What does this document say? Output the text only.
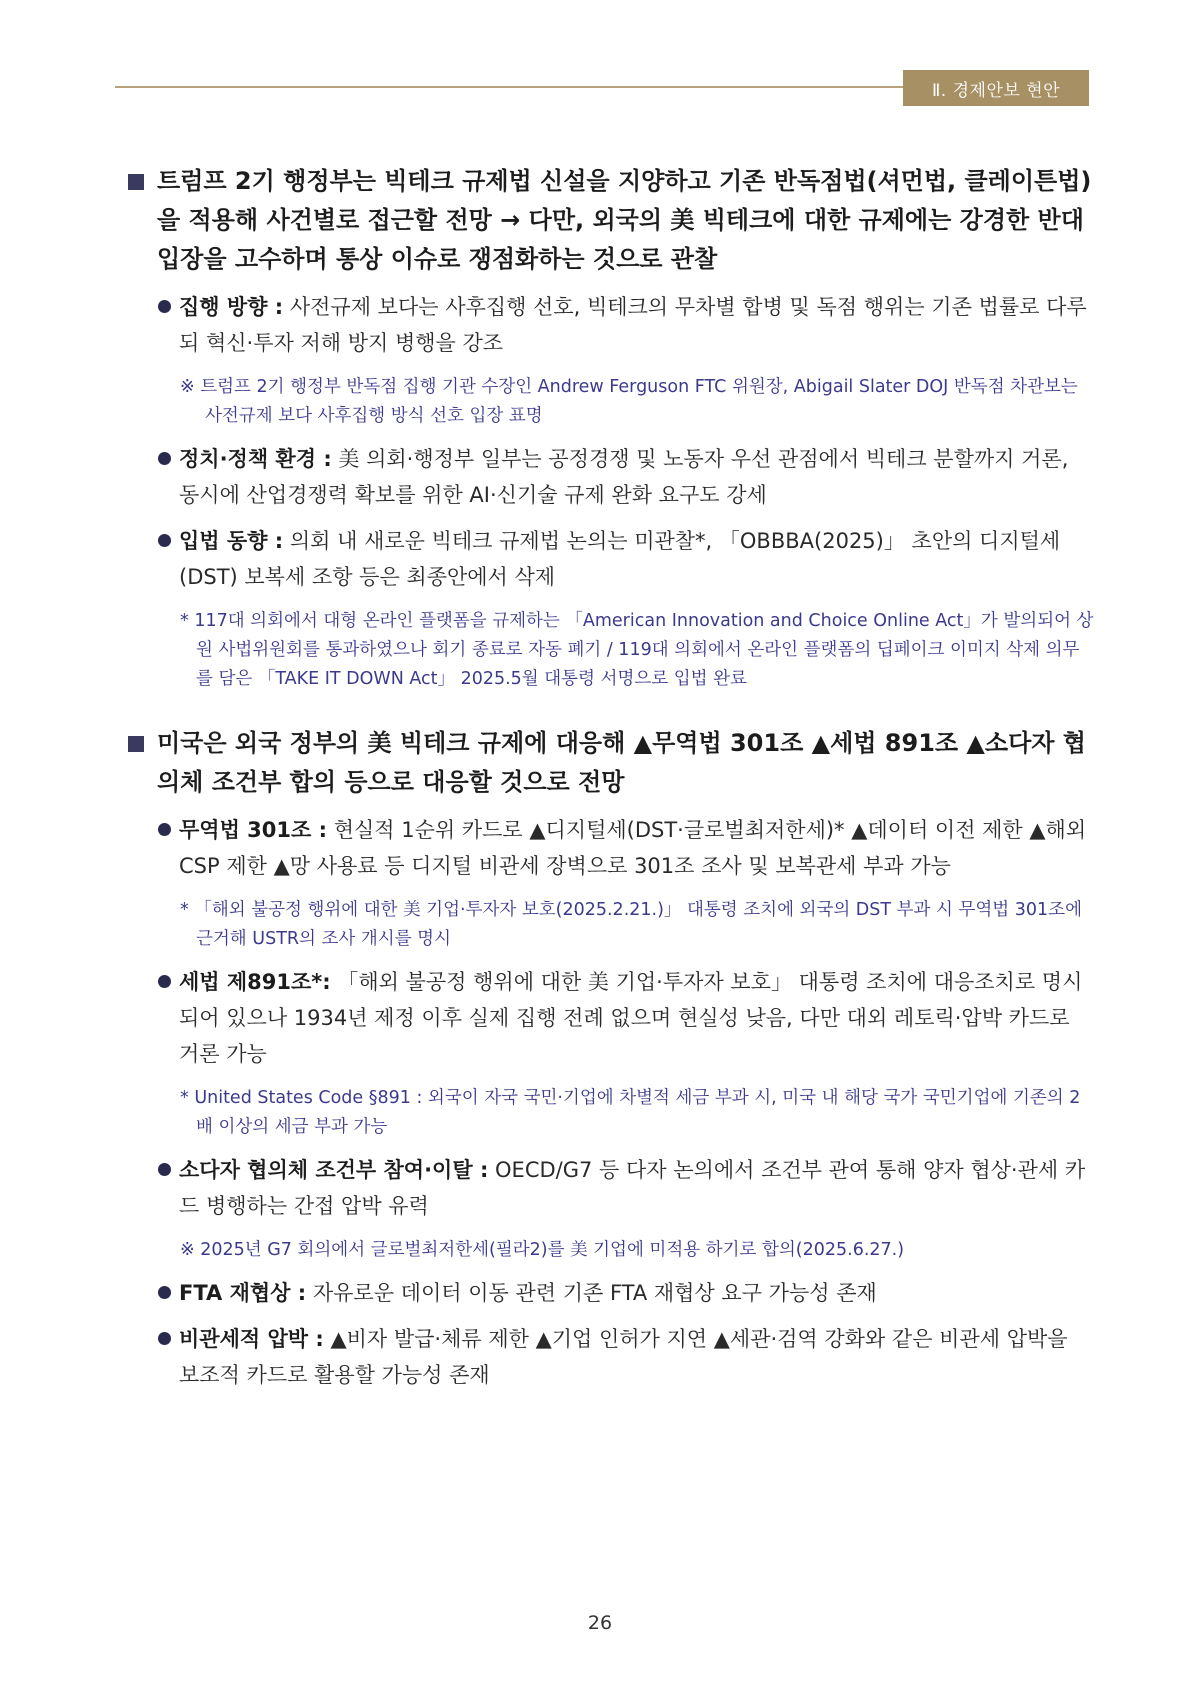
Ⅱ. 경제안보 현안
트럼프 2기 행정부는 빅테크 규제법 신설을 지양하고 기존 반독점법(셔먼법, 클레이튼법)을 적용해 사건별로 접근할 전망 → 다만, 외국의 美 빅테크에 대한 규제에는 강경한 반대 입장을 고수하며 통상 이슈로 쟁점화하는 것으로 관찰
집행 방향 : 사전규제 보다는 사후집행 선호, 빅테크의 무차별 합병 및 독점 행위는 기존 법률로 다루되 혁신·투자 저해 방지 병행을 강조
※ 트럼프 2기 행정부 반독점 집행 기관 수장인 Andrew Ferguson FTC 위원장, Abigail Slater DOJ 반독점 차관보는 사전규제 보다 사후집행 방식 선호 입장 표명
정치·정책 환경 : 美 의회·행정부 일부는 공정경쟁 및 노동자 우선 관점에서 빅테크 분할까지 거론, 동시에 산업경쟁력 확보를 위한 AI·신기술 규제 완화 요구도 강세
입법 동향 : 의회 내 새로운 빅테크 규제법 논의는 미관찰*, 「OBBBA(2025)」 초안의 디지털세 (DST) 보복세 조항 등은 최종안에서 삭제
* 117대 의회에서 대형 온라인 플랫폼을 규제하는 「American Innovation and Choice Online Act」가 발의되어 상원 사법위원회를 통과하였으나 회기 종료로 자동 폐기 / 119대 의회에서 온라인 플랫폼의 딥페이크 이미지 삭제 의무를 담은 「TAKE IT DOWN Act」 2025.5월 대통령 서명으로 입법 완료
미국은 외국 정부의 美 빅테크 규제에 대응해 ▲무역법 301조 ▲세법 891조 ▲소다자 협의체 조건부 합의 등으로 대응할 것으로 전망
무역법 301조 : 현실적 1순위 카드로 ▲디지털세(DST·글로벌최저한세)* ▲데이터 이전 제한 ▲해외 CSP 제한 ▲망 사용료 등 디지털 비관세 장벽으로 301조 조사 및 보복관세 부과 가능
* 「해외 불공정 행위에 대한 美 기업·투자자 보호(2025.2.21.)」 대통령 조치에 외국의 DST 부과 시 무역법 301조에 근거해 USTR의 조사 개시를 명시
세법 제891조*: 「해외 불공정 행위에 대한 美 기업·투자자 보호」 대통령 조치에 대응조치로 명시되어 있으나 1934년 제정 이후 실제 집행 전례 없으며 현실성 낮음, 다만 대외 레토릭·압박 카드로 거론 가능
* United States Code §891 : 외국이 자국 국민·기업에 차별적 세금 부과 시, 미국 내 해당 국가 국민기업에 기존의 2배 이상의 세금 부과 가능
소다자 협의체 조건부 참여·이탈 : OECD/G7 등 다자 논의에서 조건부 관여 통해 양자 협상·관세 카드 병행하는 간접 압박 유력
※ 2025년 G7 회의에서 글로벌최저한세(필라2)를 美 기업에 미적용 하기로 합의(2025.6.27.)
FTA 재협상 : 자유로운 데이터 이동 관련 기존 FTA 재협상 요구 가능성 존재
비관세적 압박 : ▲비자 발급·체류 제한 ▲기업 인허가 지연 ▲세관·검역 강화와 같은 비관세 압박을 보조적 카드로 활용할 가능성 존재
26
